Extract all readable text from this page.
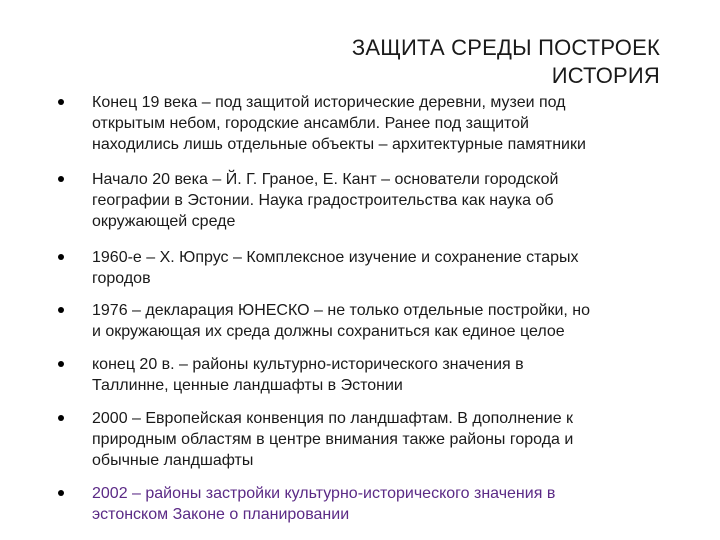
ЗАЩИТА СРЕДЫ ПОСТРОЕК
ИСТОРИЯ
Конец 19 века – под защитой исторические деревни, музеи под
открытым небом, городские ансамбли. Ранее под защитой
находились лишь отдельные объекты – архитектурные памятники
Начало 20 века – Й. Г. Граное, Е. Кант – основатели городской
географии в Эстонии. Наука градостроительства как наука об
окружающей среде
1960-е – Х. Юпрус – Комплексное изучение и сохранение старых
городов
1976 – декларация ЮНЕСКО – не только отдельные постройки, но
и окружающая их среда должны сохраниться как единое целое
конец 20 в. – районы культурно-исторического значения в
Таллинне, ценные ландшафты в Эстонии
2000 – Европейская конвенция по ландшафтам. В дополнение к
природным областям в центре внимания также районы города и
обычные ландшафты
2002 – районы застройки культурно-исторического значения в
эстонском Законе о планировании
